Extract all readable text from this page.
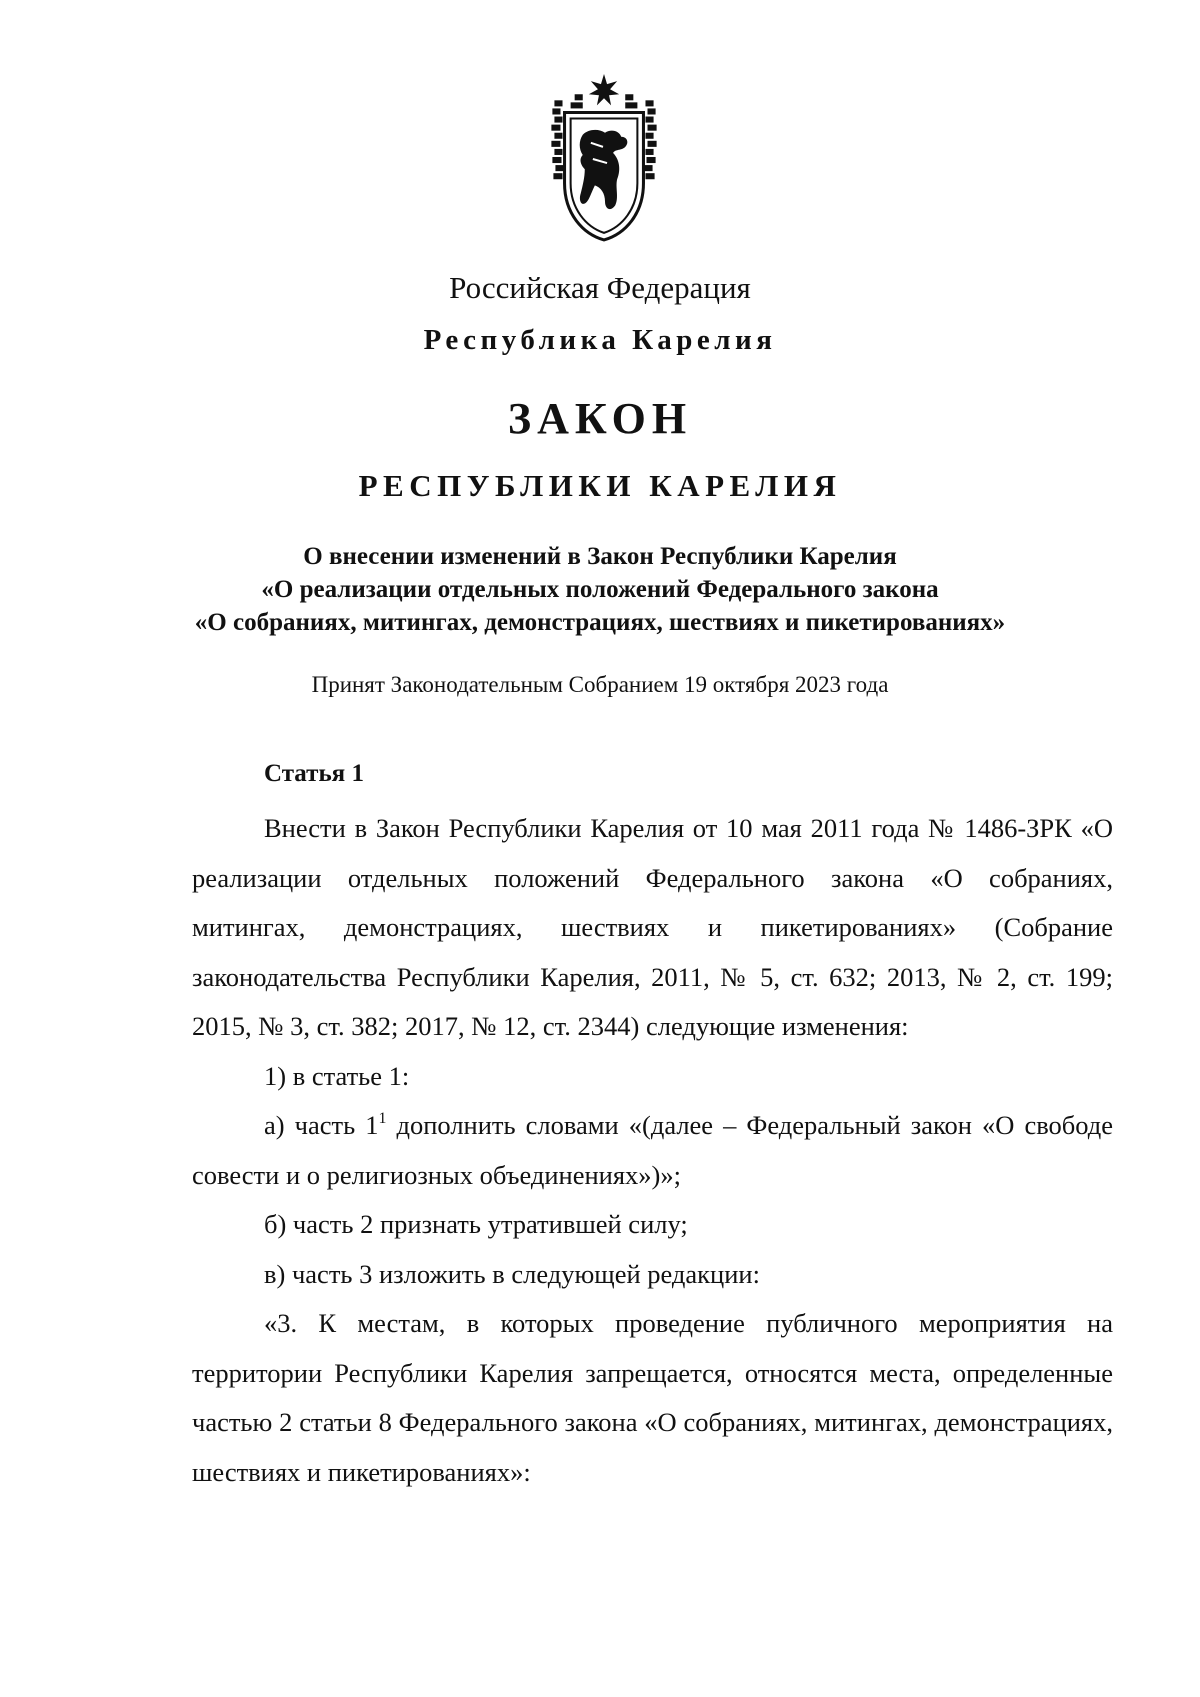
Российская Федерация
Республика Карелия
ЗАКОН
РЕСПУБЛИКИ КАРЕЛИЯ
О внесении изменений в Закон Республики Карелия
«О реализации отдельных положений Федерального закона
«О собраниях, митингах, демонстрациях, шествиях и пикетированиях»
Принят Законодательным Собранием 19 октября 2023 года
Статья 1

Внести в Закон Республики Карелия от 10 мая 2011 года № 1486-ЗРК «О реализации отдельных положений Федерального закона «О собраниях, митингах, демонстрациях, шествиях и пикетированиях» (Собрание законодательства Республики Карелия, 2011, № 5, ст. 632; 2013, № 2, ст. 199; 2015, № 3, ст. 382; 2017, № 12, ст. 2344) следующие изменения:

1) в статье 1:

а) часть $1^1$ дополнить словами «(далее – Федеральный закон «О свободе совести и о религиозных объединениях»)»;

б) часть 2 признать утратившей силу;

в) часть 3 изложить в следующей редакции:

«3. К местам, в которых проведение публичного мероприятия на территории Республики Карелия запрещается, относятся места, определенные частью 2 статьи 8 Федерального закона «О собраниях, митингах, демонстрациях, шествиях и пикетированиях»:
